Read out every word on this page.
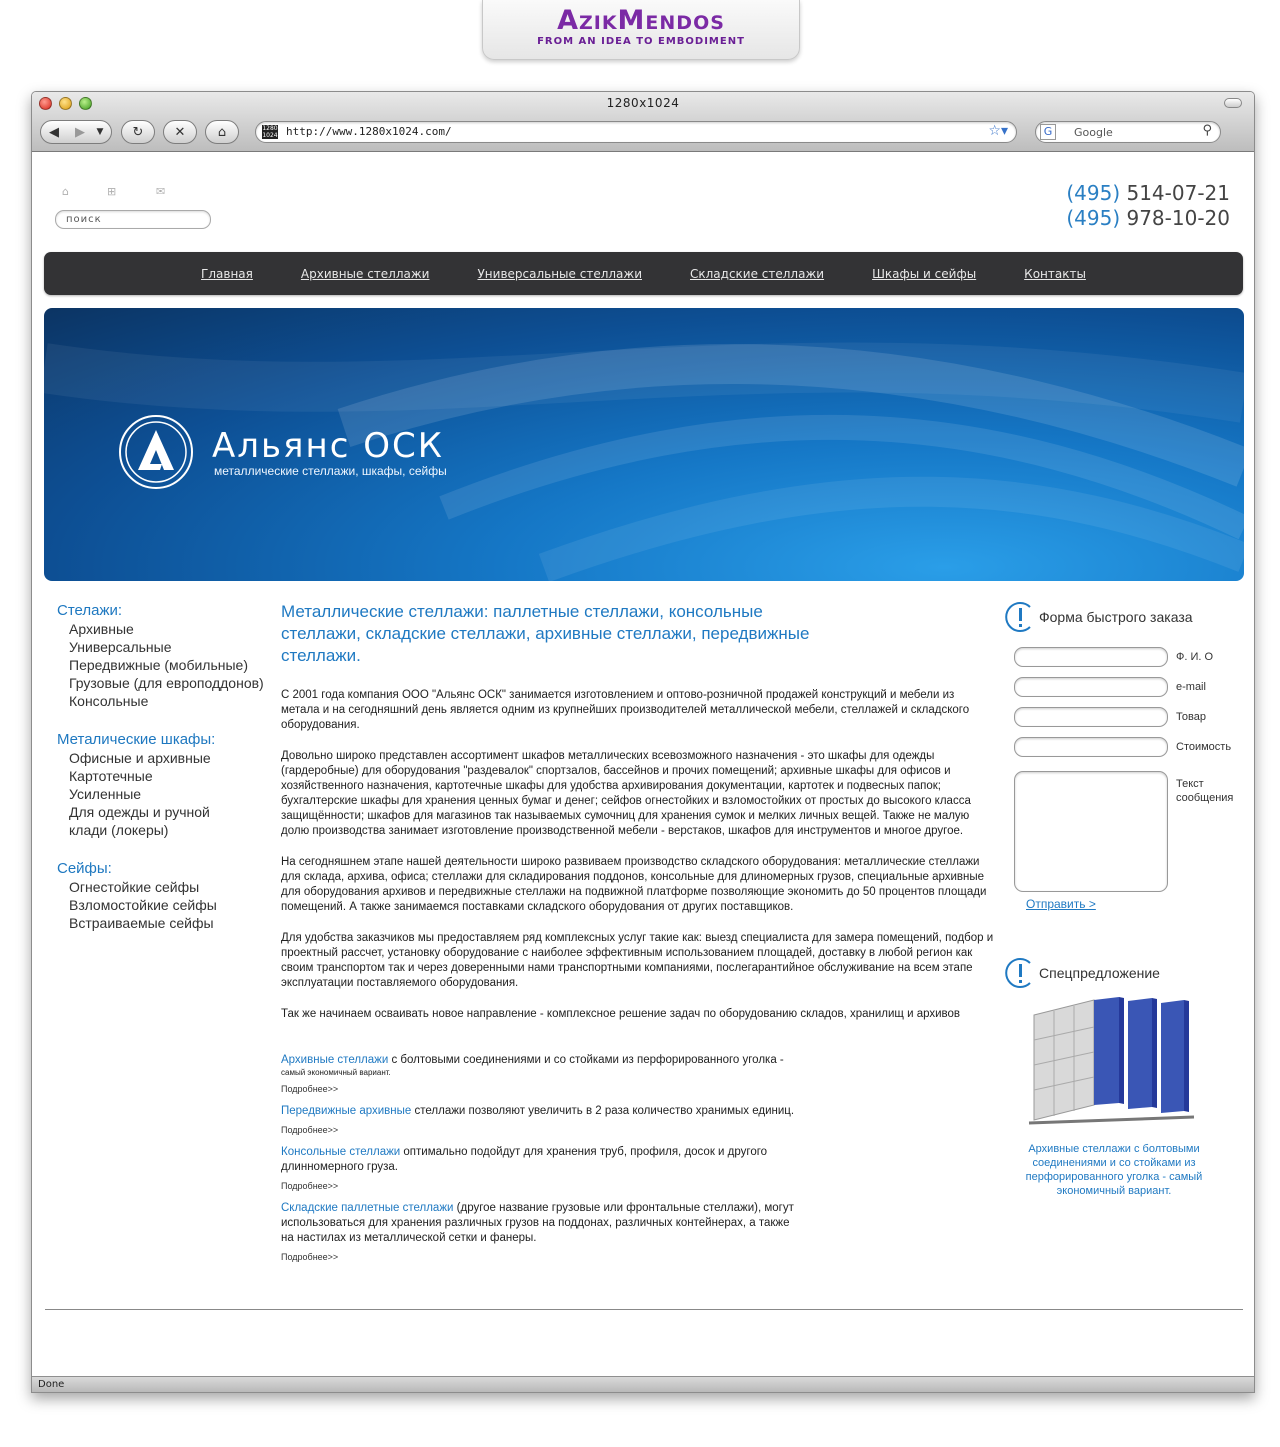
AzikMendos
FROM AN IDEA TO EMBODIMENT
1280x1024
◀	▶	▼ ↻ ✕ ⌂	1280 1024 http://www.1280x1024.com/	☆▾	G	Google	⚲
⌂	⊞	✉
поиск
(495) 514-07-21
(495) 978-10-20
Главная	Архивные стеллажи	Универсальные стеллажи	Складские стеллажи	Шкафы и сейфы	Контакты
Альянс ОСК
металлические стеллажи, шкафы, сейфы
Стелажи:
Архивные
Универсальные
Передвижные (мобильные)
Грузовые (для европоддонов)
Консольные
Металические шкафы:
Офисные и архивные
Картотечные
Усиленные
Для одежды и ручной клади (локеры)
Сейфы:
Огнестойкие сейфы
Взломостойкие сейфы
Встраиваемые сейфы
Металлические стеллажи: паллетные стеллажи, консольные стеллажи, складские стеллажи, архивные стеллажи, передвижные стеллажи.

С 2001 года компания ООО "Альянс ОСК" занимается изготовлением и оптово-розничной продажей конструкций и мебели из метала и на сегодняшний день является одним из крупнейших производителей металлической мебели, стеллажей и складского оборудования.

Довольно широко представлен ассортимент шкафов металлических всевозможного назначения - это шкафы для одежды (гардеробные) для оборудования "раздевалок" спортзалов, бассейнов и прочих помещений; архивные шкафы для офисов и хозяйственного назначения, картотечные шкафы для удобства архивирования документации, картотек и подвесных папок; бухгалтерские шкафы для хранения ценных бумаг и денег; сейфов огнестойких и взломостойких от простых до высокого класса защищённости; шкафов для магазинов так называемых сумочниц для хранения сумок и мелких личных вещей. Также не малую долю производства занимает изготовление производственной мебели - верстаков, шкафов для инструментов и многое другое.

На сегодняшнем этапе нашей деятельности широко развиваем производство складского оборудования: металлические стеллажи для склада, архива, офиса; стеллажи для складирования поддонов, консольные для длиномерных грузов, специальные архивные для оборудования архивов и передвижные стеллажи на подвижной платформе позволяющие экономить до 50 процентов площади помещений. А также занимаемся поставками складского оборудования от других поставщиков.

Для удобства заказчиков мы предоставляем ряд комплексных услуг такие как: выезд специалиста для замера помещений, подбор и проектный рассчет, установку оборудование с наиболее эффективным использованием площадей, доставку в любой регион как своим транспортом так и через доверенными нами транспортными компаниями, послегарантийное обслуживание на всем этапе эксплуатации поставляемого оборудования.

Так же начинаем осваивать новое направление - комплексное решение задач по оборудованию складов, хранилищ и архивов

Архивные стеллажи с болтовыми соединениями и со стойками из перфорированного уголка -
самый экономичный вариант.
Подробнее>>
Передвижные архивные стеллажи позволяют увеличить в 2 раза количество хранимых единиц.
Подробнее>>
Консольные стеллажи оптимально подойдут для хранения труб, профиля, досок и другого длинномерного груза.
Подробнее>>
Складские паллетные стеллажи (другое название грузовые или фронтальные стеллажи), могут использоваться для хранения различных грузов на поддонах, различных контейнерах, а также на настилах из металлической сетки и фанеры.
Подробнее>>
Форма быстрого заказа
Ф. И. О
e-mail
Товар
Стоимость
Текст сообщения
Отправить >
Спецпредложение
Архивные стеллажи с болтовыми соединениями и со стойками из перфорированного уголка - самый экономичный вариант.
Done
